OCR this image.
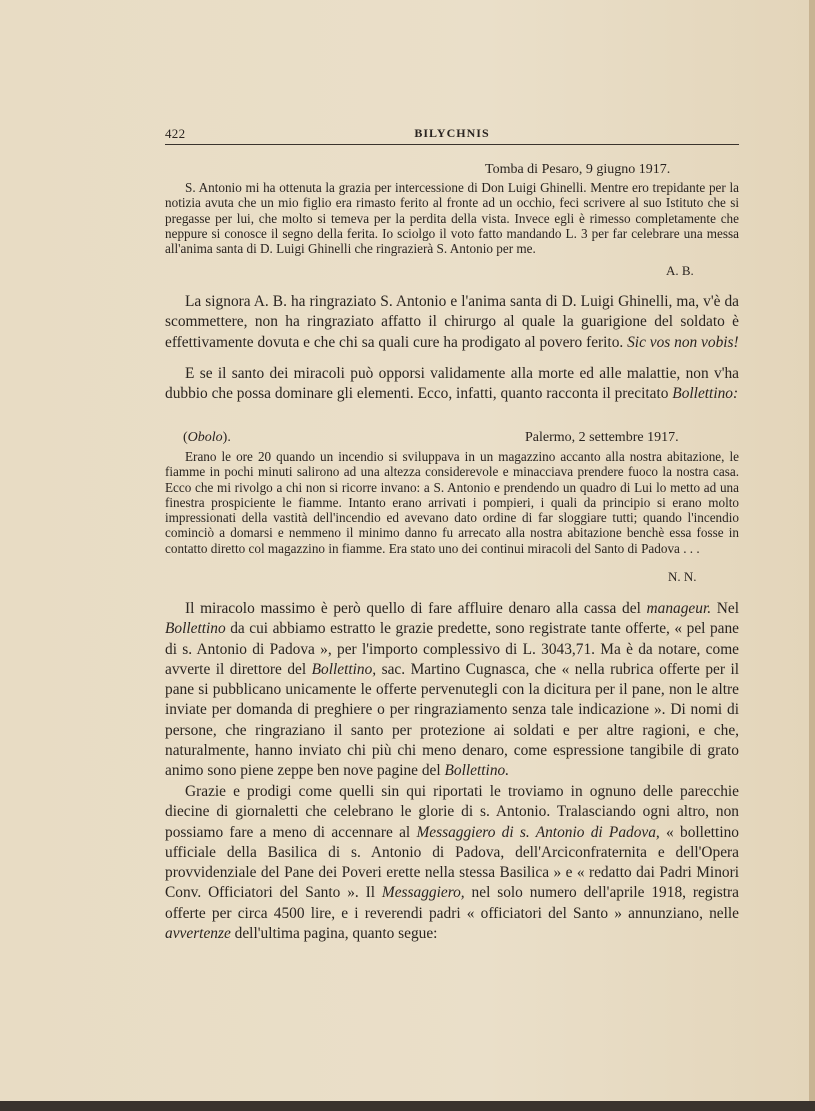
422	BILYCHNIS
Tomba di Pesaro, 9 giugno 1917.

S. Antonio mi ha ottenuta la grazia per intercessione di Don Luigi Ghinelli. Mentre ero trepidante per la notizia avuta che un mio figlio era rimasto ferito al fronte ad un occhio, feci scrivere al suo Istituto che si pregasse per lui, che molto si temeva per la perdita della vista. Invece egli è rimesso completamente che neppure si conosce il segno della ferita. Io sciolgo il voto fatto mandando L. 3 per far celebrare una messa all'anima santa di D. Luigi Ghinelli che ringrazierà S. Antonio per me.

A. B.

La signora A. B. ha ringraziato S. Antonio e l'anima santa di D. Luigi Ghinelli, ma, v'è da scommettere, non ha ringraziato affatto il chirurgo al quale la guarigione del soldato è effettivamente dovuta e che chi sa quali cure ha prodigato al povero ferito. Sic vos non vobis!

E se il santo dei miracoli può opporsi validamente alla morte ed alle malattie, non v'ha dubbio che possa dominare gli elementi. Ecco, infatti, quanto racconta il precitato Bollettino:

(Obolo).	Palermo, 2 settembre 1917.

Erano le ore 20 quando un incendio si sviluppava in un magazzino accanto alla nostra abitazione, le fiamme in pochi minuti salirono ad una altezza considerevole e minacciava prendere fuoco la nostra casa. Ecco che mi rivolgo a chi non si ricorre invano: a S. Antonio e prendendo un quadro di Lui lo metto ad una finestra prospiciente le fiamme. Intanto erano arrivati i pompieri, i quali da principio si erano molto impressionati della vastità dell'incendio ed avevano dato ordine di far sloggiare tutti; quando l'incendio cominciò a domarsi e nemmeno il minimo danno fu arrecato alla nostra abitazione benchè essa fosse in contatto diretto col magazzino in fiamme. Era stato uno dei continui miracoli del Santo di Padova . . .

N. N.

Il miracolo massimo è però quello di fare affluire denaro alla cassa del manageur. Nel Bollettino da cui abbiamo estratto le grazie predette, sono registrate tante offerte, « pel pane di s. Antonio di Padova », per l'importo complessivo di L. 3043,71. Ma è da notare, come avverte il direttore del Bollettino, sac. Martino Cugnasca, che « nella rubrica offerte per il pane si pubblicano unicamente le offerte pervenutegli con la dicitura per il pane, non le altre inviate per domanda di preghiere o per ringraziamento senza tale indicazione ». Di nomi di persone, che ringraziano il santo per protezione ai soldati e per altre ragioni, e che, naturalmente, hanno inviato chi più chi meno denaro, come espressione tangibile di grato animo sono piene zeppe ben nove pagine del Bollettino.

Grazie e prodigi come quelli sin qui riportati le troviamo in ognuno delle parecchie diecine di giornaletti che celebrano le glorie di s. Antonio. Tralasciando ogni altro, non possiamo fare a meno di accennare al Messaggiero di s. Antonio di Padova, « bollettino ufficiale della Basilica di s. Antonio di Padova, dell'Arciconfraternita e dell'Opera provvidenziale del Pane dei Poveri erette nella stessa Basilica » e « redatto dai Padri Minori Conv. Officiatori del Santo ». Il Messaggiero, nel solo numero dell'aprile 1918, registra offerte per circa 4500 lire, e i reverendi padri « officiatori del Santo » annunziano, nelle avvertenze dell'ultima pagina, quanto segue:
